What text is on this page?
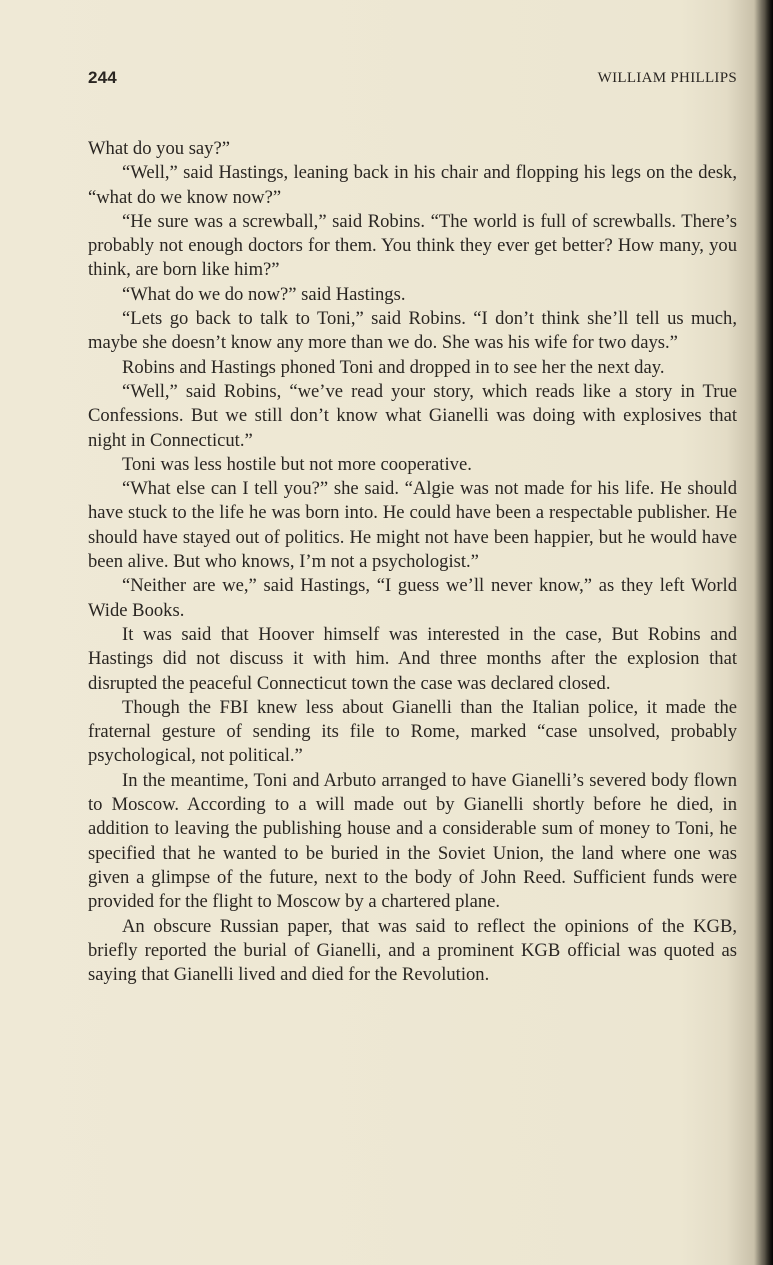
244	WILLIAM PHILLIPS

What do you say?”

“Well,” said Hastings, leaning back in his chair and flopping his legs on the desk, “what do we know now?”

“He sure was a screwball,” said Robins. “The world is full of screwballs. There’s probably not enough doctors for them. You think they ever get better? How many, you think, are born like him?”

“What do we do now?” said Hastings.

“Lets go back to talk to Toni,” said Robins. “I don’t think she’ll tell us much, maybe she doesn’t know any more than we do. She was his wife for two days.”

Robins and Hastings phoned Toni and dropped in to see her the next day.

“Well,” said Robins, “we’ve read your story, which reads like a story in True Confessions. But we still don’t know what Gianelli was doing with explosives that night in Connecticut.”

Toni was less hostile but not more cooperative.

“What else can I tell you?” she said. “Algie was not made for his life. He should have stuck to the life he was born into. He could have been a respectable publisher. He should have stayed out of politics. He might not have been happier, but he would have been alive. But who knows, I’m not a psychologist.”

“Neither are we,” said Hastings, “I guess we’ll never know,” as they left World Wide Books.

It was said that Hoover himself was interested in the case, But Robins and Hastings did not discuss it with him. And three months after the explosion that disrupted the peaceful Connecticut town the case was declared closed.

Though the FBI knew less about Gianelli than the Italian police, it made the fraternal gesture of sending its file to Rome, marked “case unsolved, probably psychological, not political.”

In the meantime, Toni and Arbuto arranged to have Gianelli’s severed body flown to Moscow. According to a will made out by Gianelli shortly before he died, in addition to leaving the publishing house and a considerable sum of money to Toni, he specified that he wanted to be buried in the Soviet Union, the land where one was given a glimpse of the future, next to the body of John Reed. Sufficient funds were provided for the flight to Moscow by a chartered plane.

An obscure Russian paper, that was said to reflect the opinions of the KGB, briefly reported the burial of Gianelli, and a prominent KGB official was quoted as saying that Gianelli lived and died for the Revolution.
